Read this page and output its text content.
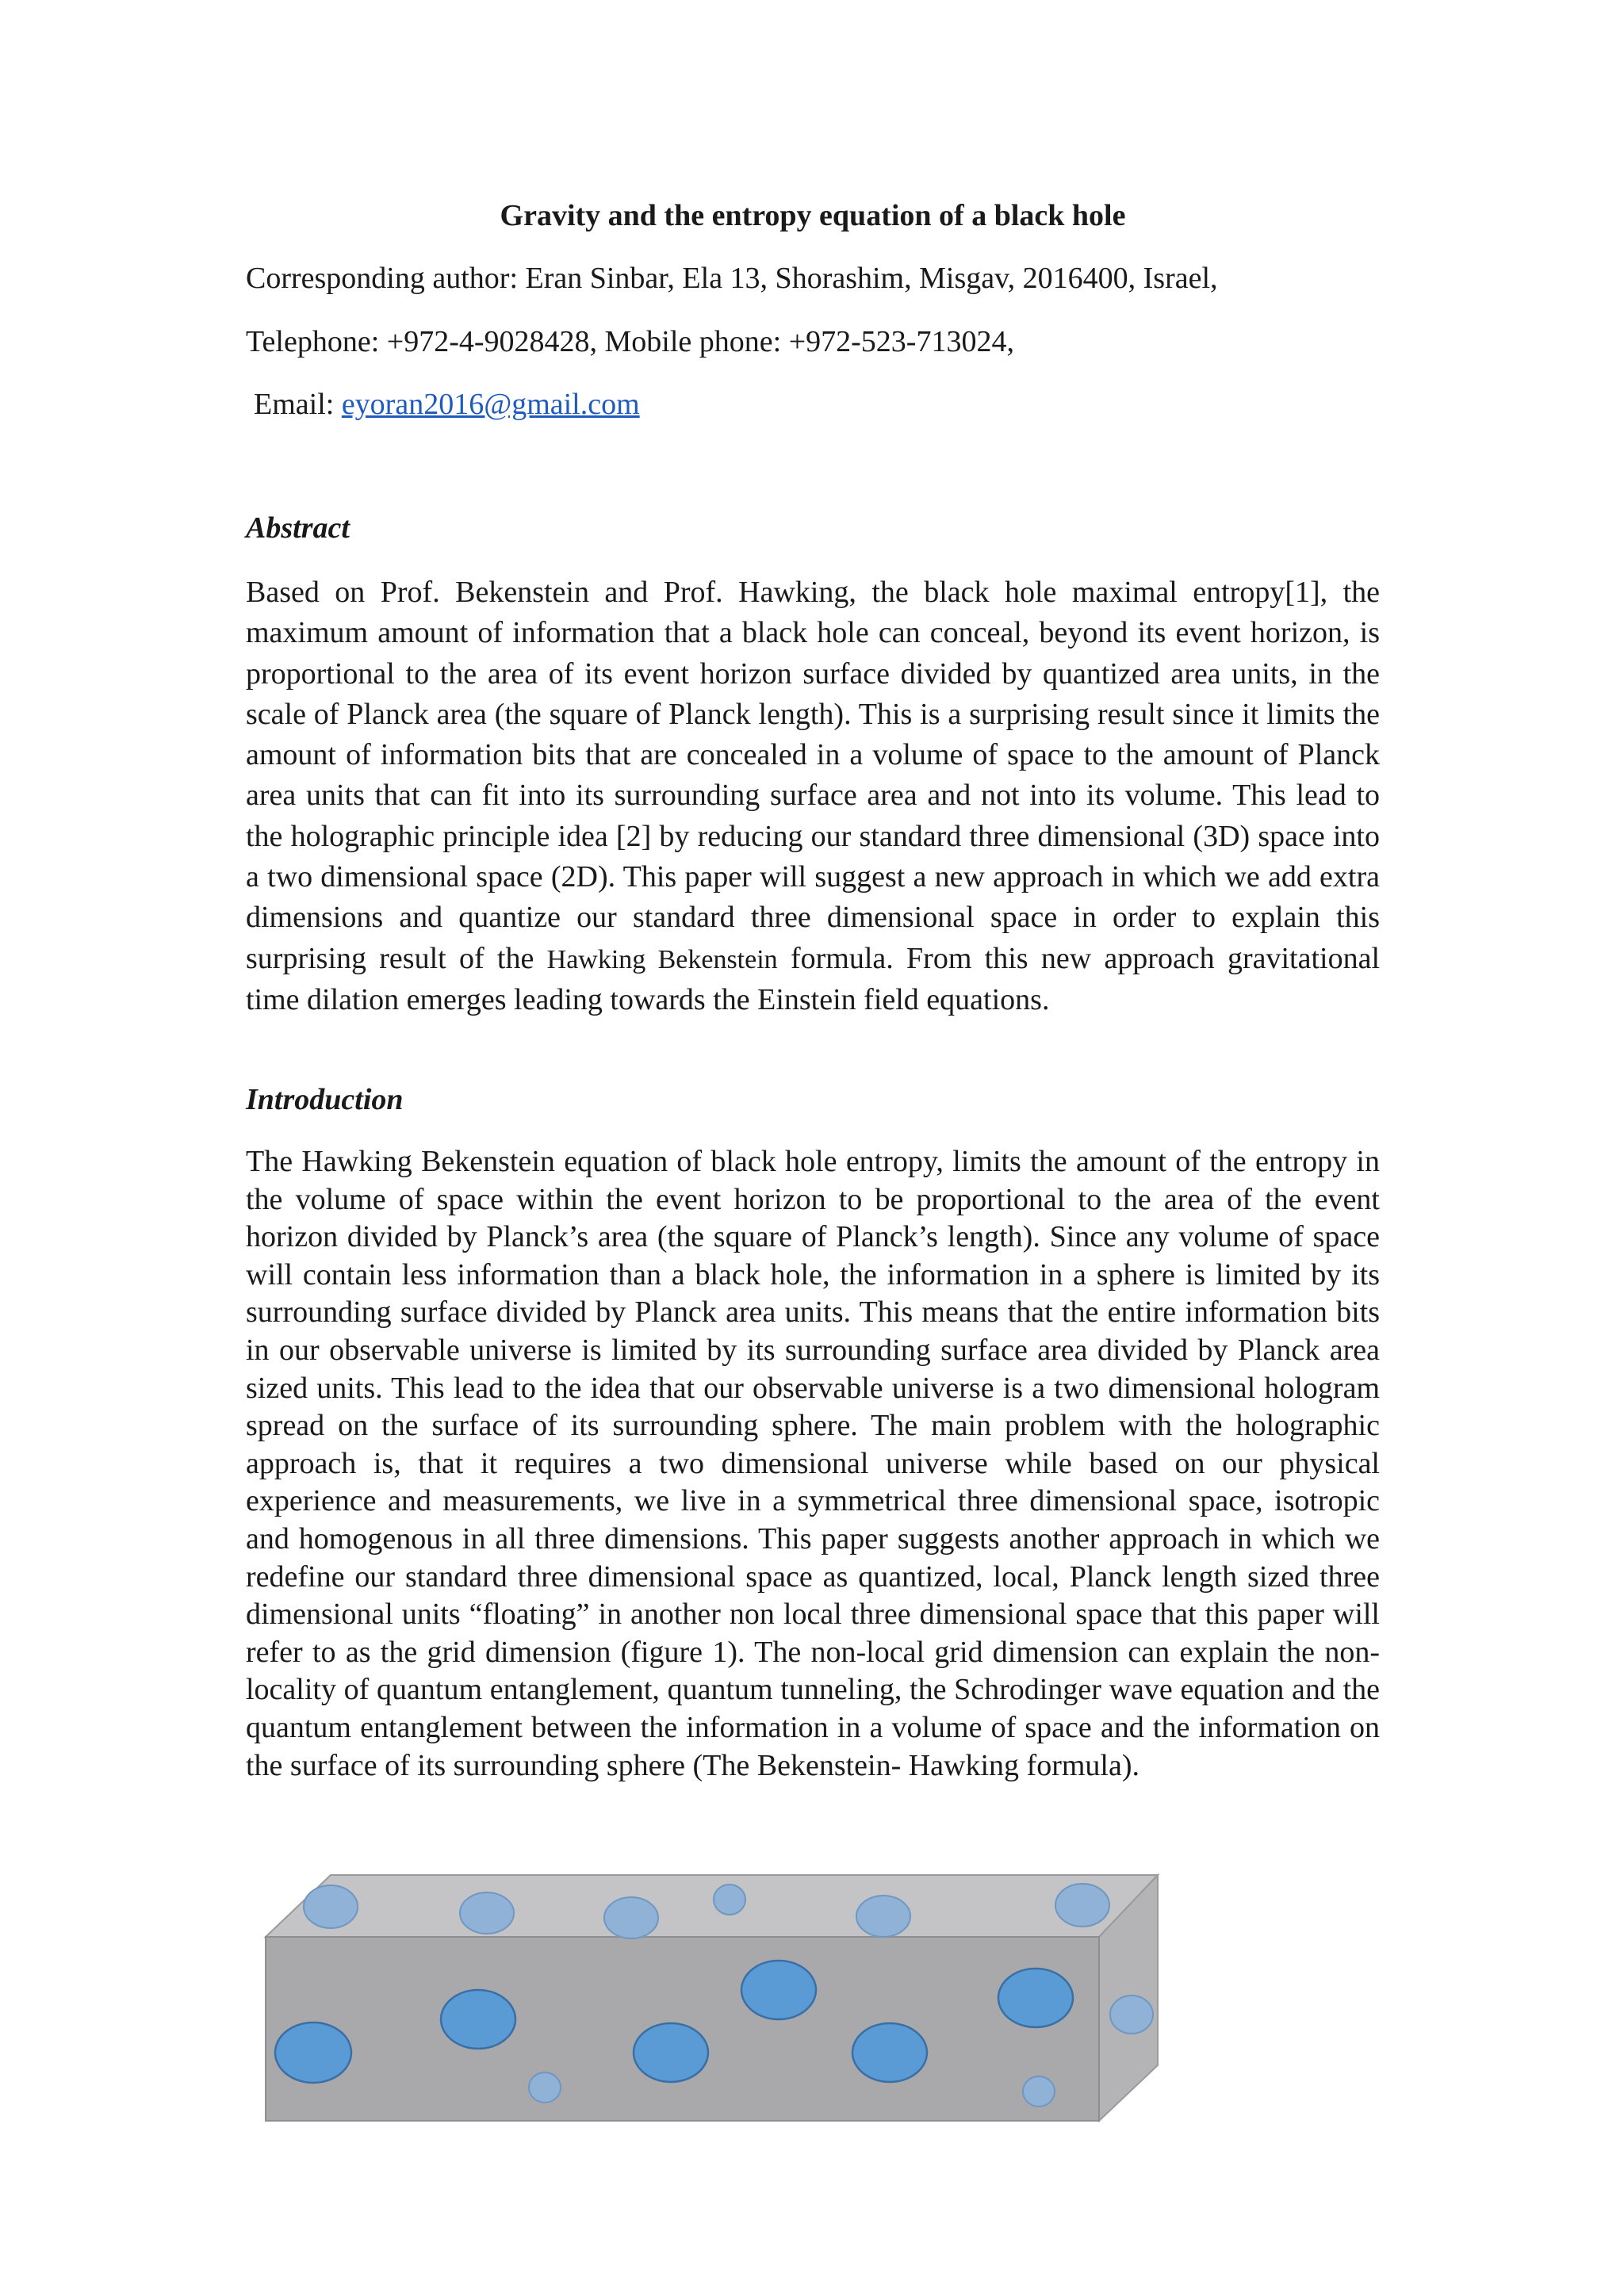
Gravity and the entropy equation of a black hole

Corresponding author: Eran Sinbar, Ela 13, Shorashim, Misgav, 2016400, Israel,

Telephone: +972-4-9028428, Mobile phone: +972-523-713024,

Email: eyoran2016@gmail.com

Abstract

Based on Prof. Bekenstein and Prof. Hawking, the black hole maximal entropy[1], the maximum amount of information that a black hole can conceal, beyond its event horizon, is proportional to the area of its event horizon surface divided by quantized area units, in the scale of Planck area (the square of Planck length). This is a surprising result since it limits the amount of information bits that are concealed in a volume of space to the amount of Planck area units that can fit into its surrounding surface area and not into its volume. This lead to the holographic principle idea [2] by reducing our standard three dimensional (3D) space into a two dimensional space (2D). This paper will suggest a new approach in which we add extra dimensions and quantize our standard three dimensional space in order to explain this surprising result of the Hawking Bekenstein formula. From this new approach gravitational time dilation emerges leading towards the Einstein field equations.

Introduction

The Hawking Bekenstein equation of black hole entropy, limits the amount of the entropy in the volume of space within the event horizon to be proportional to the area of the event horizon divided by Planck’s area (the square of Planck’s length). Since any volume of space will contain less information than a black hole, the information in a sphere is limited by its surrounding surface divided by Planck area units. This means that the entire information bits in our observable universe is limited by its surrounding surface area divided by Planck area sized units. This lead to the idea that our observable universe is a two dimensional hologram spread on the surface of its surrounding sphere. The main problem with the holographic approach is, that it requires a two dimensional universe while based on our physical experience and measurements, we live in a symmetrical three dimensional space, isotropic and homogenous in all three dimensions. This paper suggests another approach in which we redefine our standard three dimensional space as quantized, local, Planck length sized three dimensional units “floating” in another non local three dimensional space that this paper will refer to as the grid dimension (figure 1). The non-local grid dimension can explain the non-locality of quantum entanglement, quantum tunneling, the Schrodinger wave equation and the quantum entanglement between the information in a volume of space and the information on the surface of its surrounding sphere (The Bekenstein- Hawking formula).
